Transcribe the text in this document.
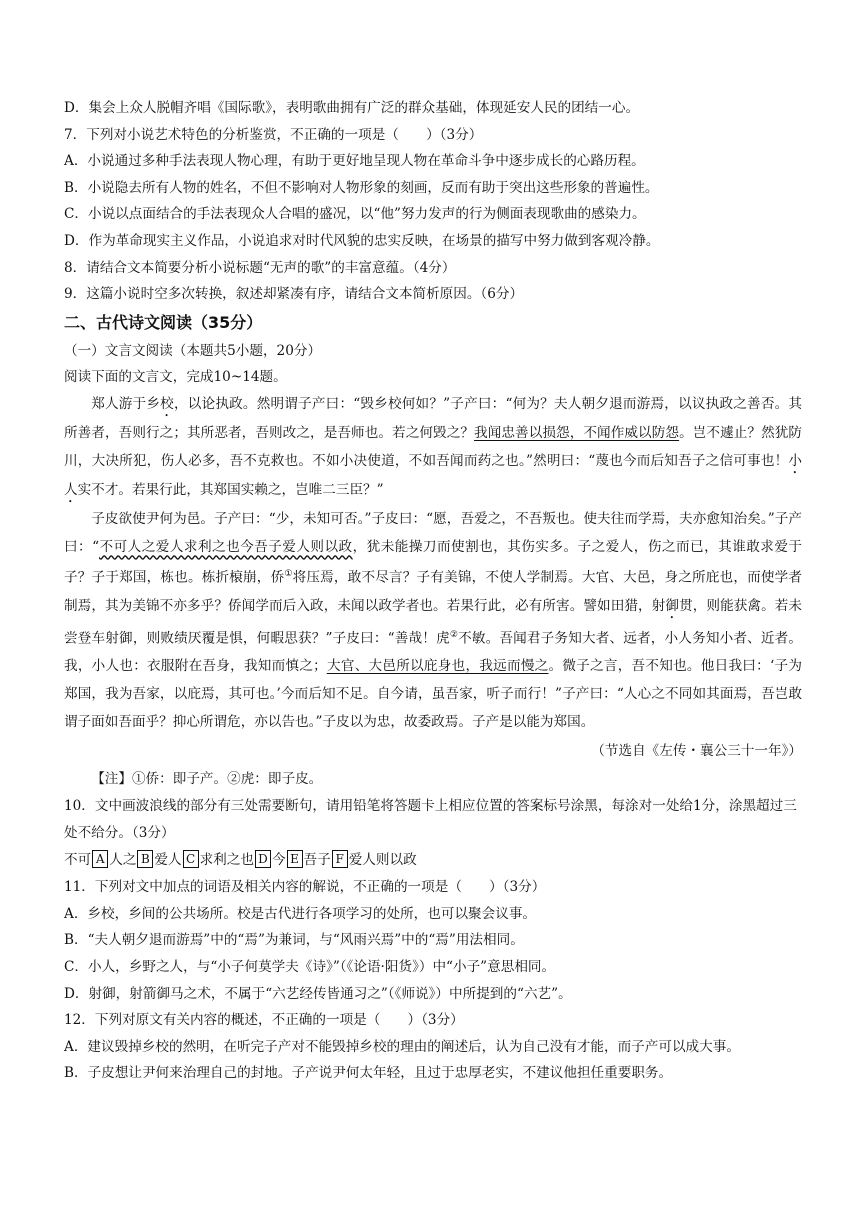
D．集会上众人脱帽齐唱《国际歌》，表明歌曲拥有广泛的群众基础，体现延安人民的团结一心。
7．下列对小说艺术特色的分析鉴赏，不正确的一项是（　　）（3分）
A．小说通过多种手法表现人物心理，有助于更好地呈现人物在革命斗争中逐步成长的心路历程。
B．小说隐去所有人物的姓名，不但不影响对人物形象的刻画，反而有助于突出这些形象的普遍性。
C．小说以点面结合的手法表现众人合唱的盛况，以“他”努力发声的行为侧面表现歌曲的感染力。
D．作为革命现实主义作品，小说追求对时代风貌的忠实反映，在场景的描写中努力做到客观冷静。
8．请结合文本简要分析小说标题“无声的歌”的丰富意蕴。（4分）
9．这篇小说时空多次转换，叙述却紧凑有序，请结合文本简析原因。（6分）
二、古代诗文阅读（35分）
（一）文言文阅读（本题共5小题，20分）
阅读下面的文言文，完成10~14题。

郑人游于乡校，以论执政。然明谓子产曰：“毁乡校何如？”子产曰：“何为？夫人朝夕退而游焉，以议执政之善否。其所善者，吾则行之；其所恶者，吾则改之，是吾师也。若之何毁之？我闻忠善以损怨，不闻作威以防怨。岂不遽止？然犹防川，大决所犯，伤人必多，吾不克救也。不如小决使道，不如吾闻而药之也。”然明曰：“蔑也今而后知吾子之信可事也！小人实不才。若果行此，其郑国实赖之，岂唯二三臣？”

子皮欲使尹何为邑。子产曰：“少，未知可否。”子皮曰：“愿，吾爱之，不吾叛也。使夫往而学焉，夫亦愈知治矣。”子产曰：“不可人之爱人求利之也今吾子爱人则以政，犹未能操刀而使割也，其伤实多。子之爱人，伤之而已，其谁敢求爱于子？子于郑国，栋也。栋折榱崩，侨①将压焉，敢不尽言？子有美锦，不使人学制焉。大官、大邑，身之所庇也，而使学者制焉，其为美锦不亦多乎？侨闻学而后入政，未闻以政学者也。若果行此，必有所害。譬如田猎，射御贯，则能获禽。若未尝登车射御，则败绩厌覆是惧，何暇思获？”子皮曰：“善哉！虎②不敏。吾闻君子务知大者、远者，小人务知小者、近者。我，小人也：衣服附在吾身，我知而慎之；大官、大邑所以庇身也，我远而慢之。微子之言，吾不知也。他日我曰：‘子为郑国，我为吾家，以庇焉，其可也。’今而后知不足。自今请，虽吾家，听子而行！”子产曰：“人心之不同如其面焉，吾岂敢谓子面如吾面乎？抑心所谓危，亦以告也。”子皮以为忠，故委政焉。子产是以能为郑国。

（节选自《左传・襄公三十一年》）
【注】①侨：即子产。②虎：即子皮。
10．文中画波浪线的部分有三处需要断句，请用铅笔将答题卡上相应位置的答案标号涂黑，每涂对一处给1分，涂黑超过三处不给分。（3分）
不可 A 人之 B 爱人 C 求利之也 D 今 E 吾子 F 爱人则以政
11．下列对文中加点的词语及相关内容的解说，不正确的一项是（　　）（3分）
A．乡校，乡间的公共场所。校是古代进行各项学习的处所，也可以聚会议事。
B．“夫人朝夕退而游焉”中的“焉”为兼词，与“风雨兴焉”中的“焉”用法相同。
C．小人，乡野之人，与“小子何莫学夫《诗》”（《论语·阳货》）中“小子”意思相同。
D．射御，射箭御马之术，不属于“六艺经传皆通习之”（《师说》）中所提到的“六艺”。
12．下列对原文有关内容的概述，不正确的一项是（　　）（3分）
A．建议毁掉乡校的然明，在听完子产对不能毁掉乡校的理由的阐述后，认为自己没有才能，而子产可以成大事。
B．子皮想让尹何来治理自己的封地。子产说尹何太年轻，且过于忠厚老实，不建议他担任重要职务。
